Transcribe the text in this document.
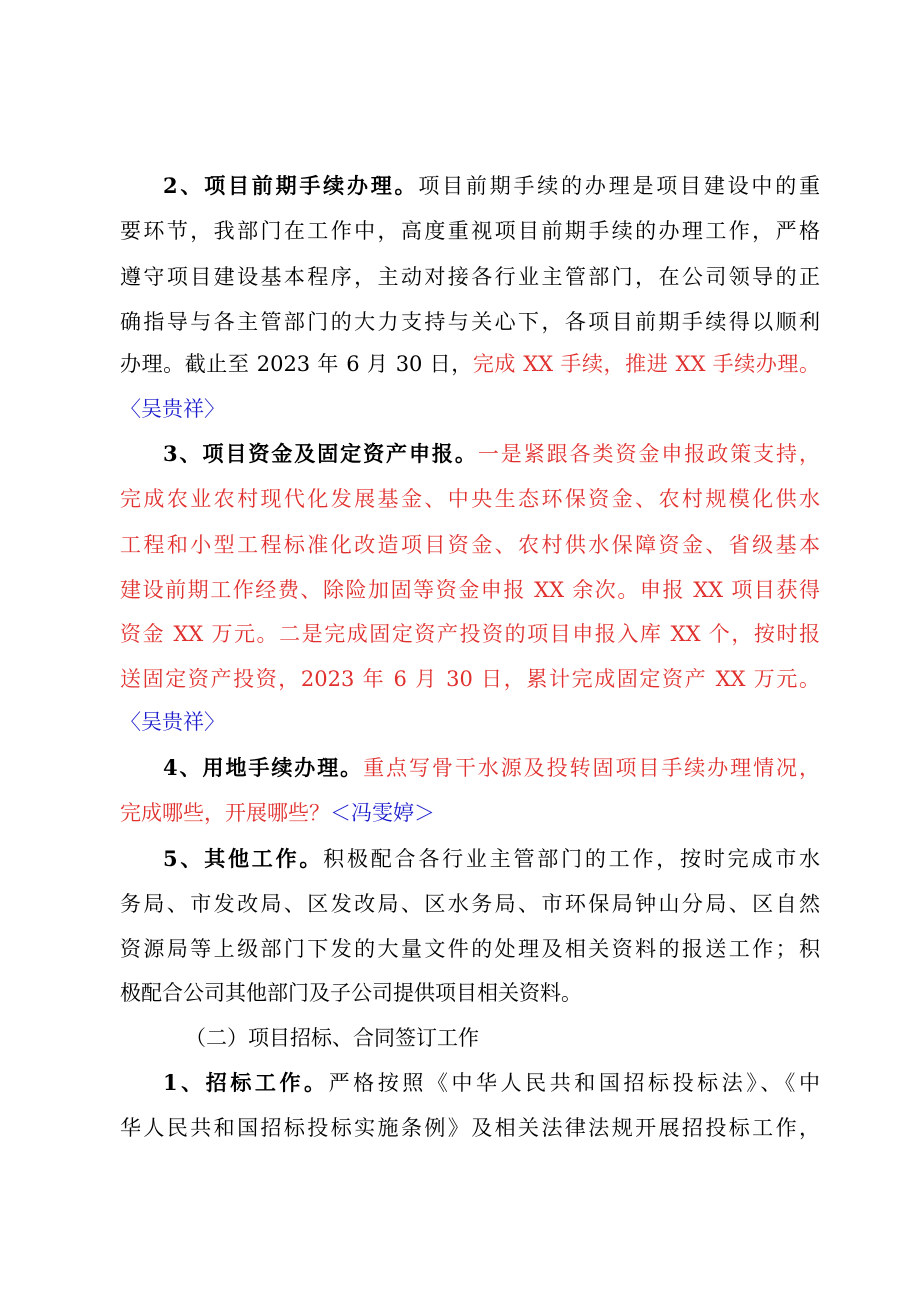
2、项目前期手续办理。项目前期手续的办理是项目建设中的重
要环节，我部门在工作中，高度重视项目前期手续的办理工作，严格
遵守项目建设基本程序，主动对接各行业主管部门，在公司领导的正
确指导与各主管部门的大力支持与关心下，各项目前期手续得以顺利
办理。截止至 2023 年 6 月 30 日，完成 XX 手续，推进 XX 手续办理。
〈吴贵祥〉
3、项目资金及固定资产申报。一是紧跟各类资金申报政策支持，
完成农业农村现代化发展基金、中央生态环保资金、农村规模化供水
工程和小型工程标准化改造项目资金、农村供水保障资金、省级基本
建设前期工作经费、除险加固等资金申报 XX 余次。申报 XX 项目获得
资金 XX 万元。二是完成固定资产投资的项目申报入库 XX 个，按时报
送固定资产投资，2023 年 6 月 30 日，累计完成固定资产 XX 万元。
〈吴贵祥〉
4、用地手续办理。重点写骨干水源及投转固项目手续办理情况，
完成哪些，开展哪些？＜冯雯婷＞
5、其他工作。积极配合各行业主管部门的工作，按时完成市水
务局、市发改局、区发改局、区水务局、市环保局钟山分局、区自然
资源局等上级部门下发的大量文件的处理及相关资料的报送工作；积
极配合公司其他部门及子公司提供项目相关资料。
（二）项目招标、合同签订工作
1、招标工作。严格按照《中华人民共和国招标投标法》、《中
华人民共和国招标投标实施条例》及相关法律法规开展招投标工作，
